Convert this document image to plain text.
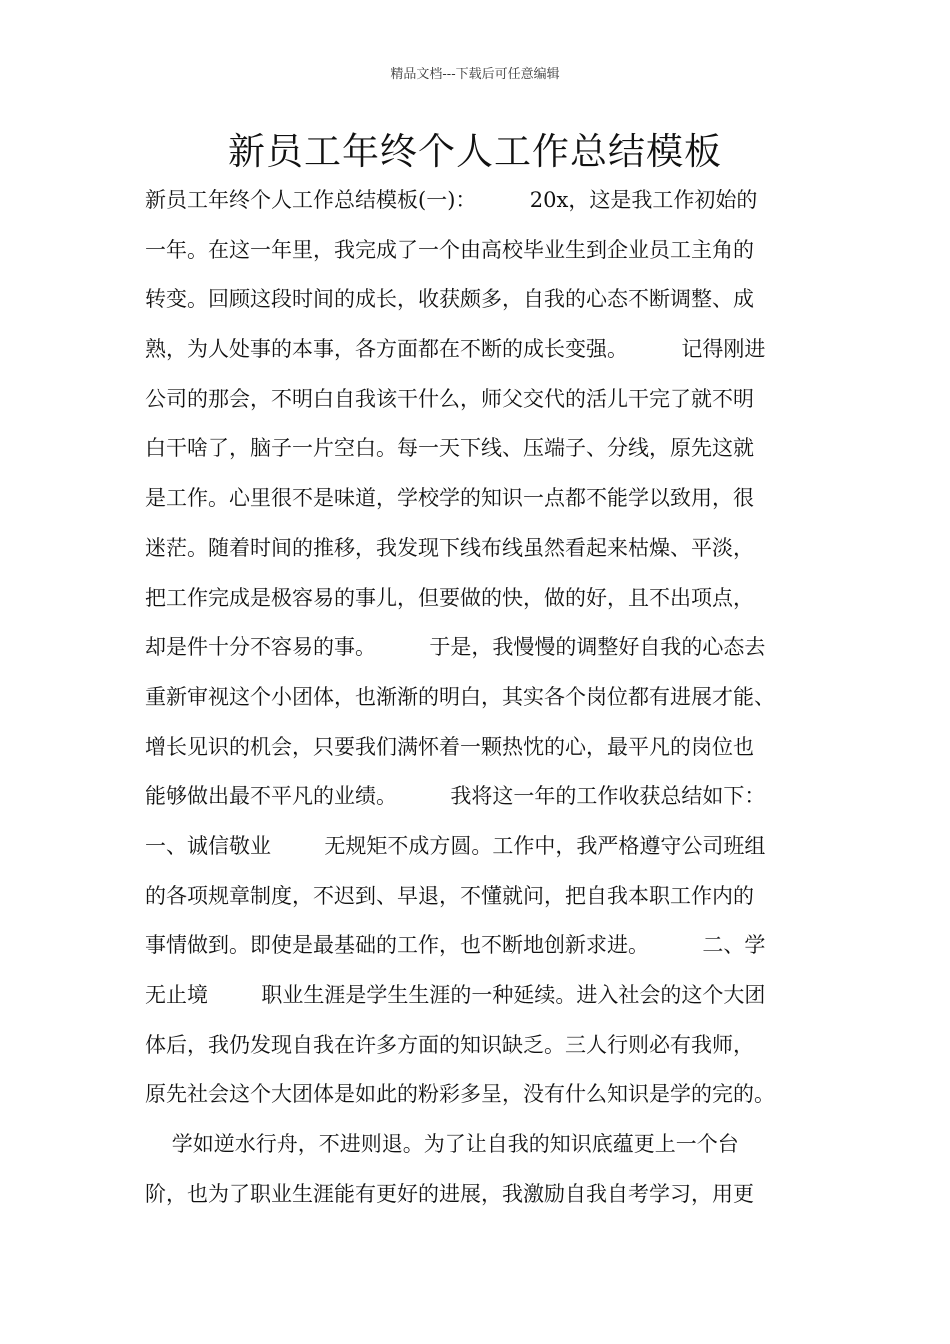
精品文档---下载后可任意编辑
新员工年终个人工作总结模板
新员工年终个人工作总结模板(一)：        20x，这是我工作初始的
一年。在这一年里，我完成了一个由高校毕业生到企业员工主角的
转变。回顾这段时间的成长，收获颇多，自我的心态不断调整、成
熟，为人处事的本事，各方面都在不断的成长变强。        记得刚进
公司的那会，不明白自我该干什么，师父交代的活儿干完了就不明
白干啥了，脑子一片空白。每一天下线、压端子、分线，原先这就
是工作。心里很不是味道，学校学的知识一点都不能学以致用，很
迷茫。随着时间的推移，我发现下线布线虽然看起来枯燥、平淡，
把工作完成是极容易的事儿，但要做的快，做的好，且不出项点，
却是件十分不容易的事。        于是，我慢慢的调整好自我的心态去
重新审视这个小团体，也渐渐的明白，其实各个岗位都有进展才能、
增长见识的机会，只要我们满怀着一颗热忱的心，最平凡的岗位也
能够做出最不平凡的业绩。        我将这一年的工作收获总结如下：
一、诚信敬业        无规矩不成方圆。工作中，我严格遵守公司班组
的各项规章制度，不迟到、早退，不懂就问，把自我本职工作内的
事情做到。即使是最基础的工作，也不断地创新求进。        二、学
无止境        职业生涯是学生生涯的一种延续。进入社会的这个大团
体后，我仍发现自我在许多方面的知识缺乏。三人行则必有我师，
原先社会这个大团体是如此的粉彩多呈，没有什么知识是学的完的。
学如逆水行舟，不进则退。为了让自我的知识底蕴更上一个台
阶，也为了职业生涯能有更好的进展，我激励自我自考学习，用更
